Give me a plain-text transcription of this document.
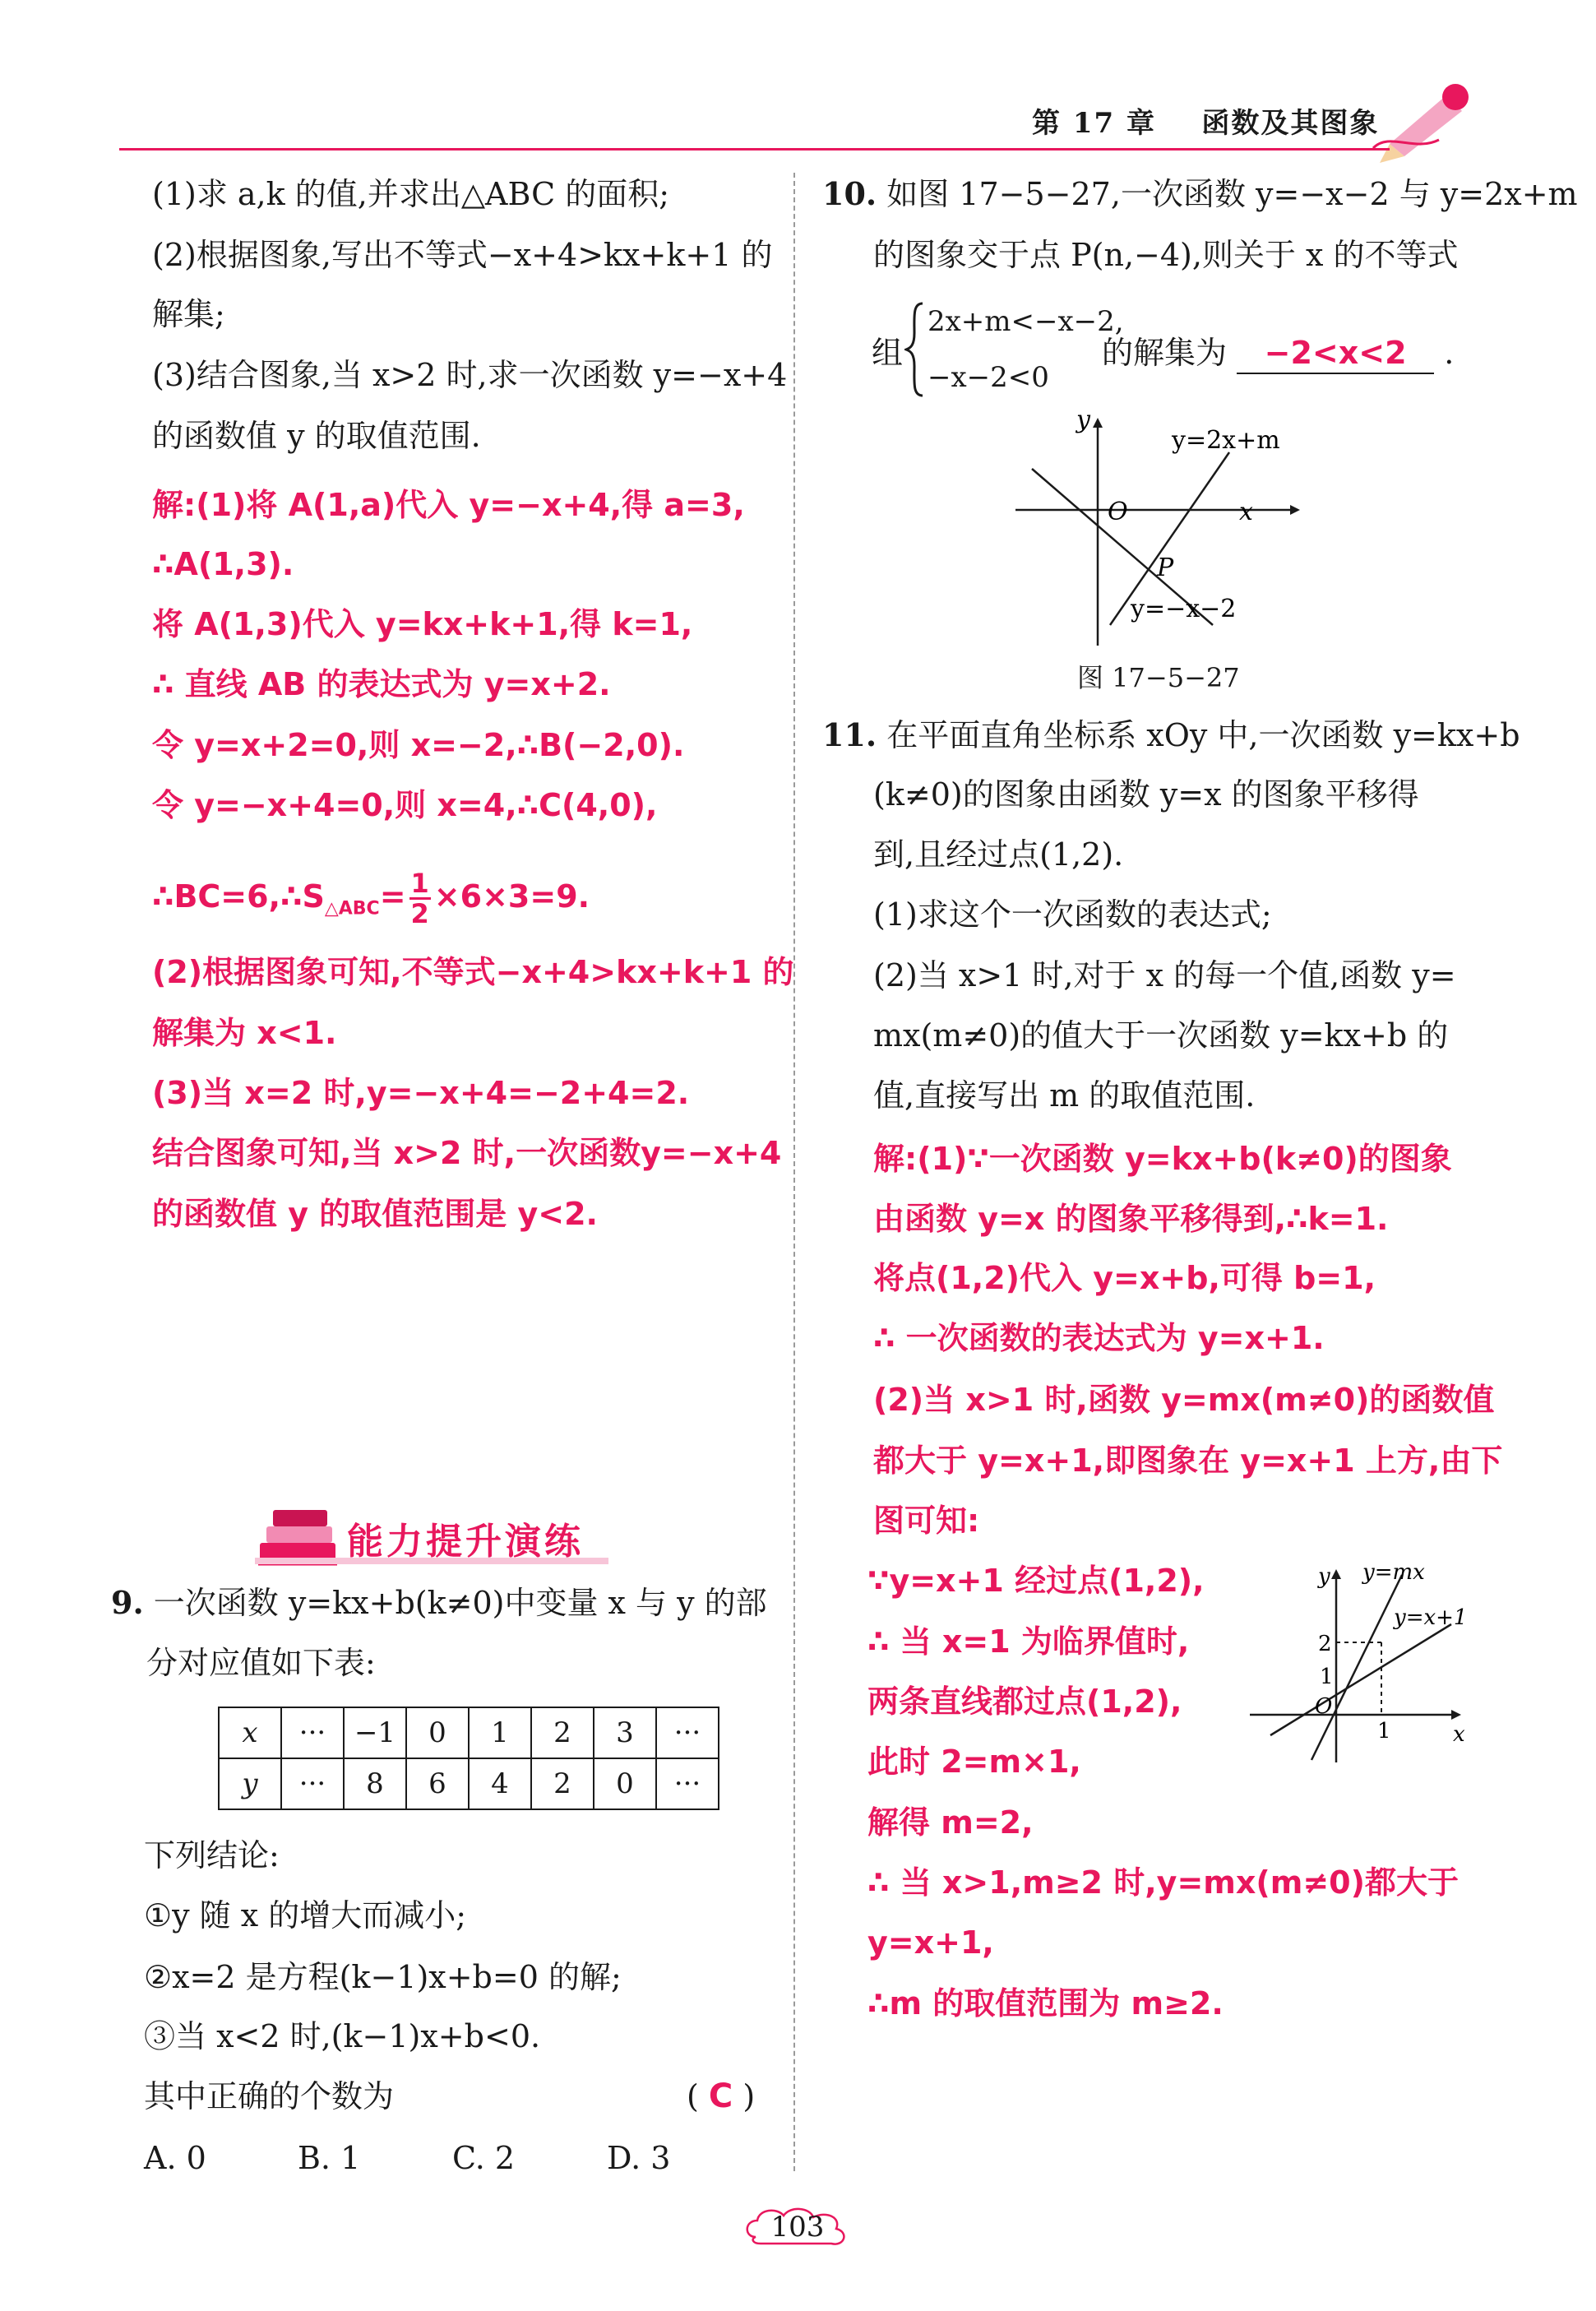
第 17 章 函数及其图象
(1)求 a,k 的值,并求出△ABC 的面积;
(2)根据图象,写出不等式−x+4>kx+k+1 的
解集;
(3)结合图象,当 x>2 时,求一次函数 y=−x+4
的函数值 y 的取值范围.
解:(1)将 A(1,a)代入 y=−x+4,得 a=3,
∴A(1,3).
将 A(1,3)代入 y=kx+k+1,得 k=1,
∴ 直线 AB 的表达式为 y=x+2.
令 y=x+2=0,则 x=−2,∴B(−2,0).
令 y=−x+4=0,则 x=4,∴C(4,0),
$\therefore BC=6,\therefore S_{\triangle ABC}= \frac{1}{2} \times 6\times 3=9$.
(2)根据图象可知,不等式−x+4>kx+k+1 的
解集为 x<1.
(3)当 x=2 时,y=−x+4=−2+4=2.
结合图象可知,当 x>2 时,一次函数y=−x+4
的函数值 y 的取值范围是 y<2.
能力提升演练
9. 一次函数 y=kx+b(k≠0)中变量 x 与 y 的部
分对应值如下表:
x	···	−1	0	1	2	3	···
y	···	8	6	4	2	0	···
下列结论:
①y 随 x 的增大而减小;
②x=2 是方程(k−1)x+b=0 的解;
③当 x<2 时,(k−1)x+b<0.
其中正确的个数为	( C )
A. 0	B. 1	C. 2	D. 3
10. 如图 17−5−27,一次函数 y=−x−2 与 y=2x+m
的图象交于点 P(n,−4),则关于 x 的不等式
组
2x+m<−x−2,
−x−2<0
的解集为 −2<x<2 .
y
x
O
P
y=2x+m
y=−x−2
图 17−5−27
11. 在平面直角坐标系 xOy 中,一次函数 y=kx+b
(k≠0)的图象由函数 y=x 的图象平移得
到,且经过点(1,2).
(1)求这个一次函数的表达式;
(2)当 x>1 时,对于 x 的每一个值,函数 y=
mx(m≠0)的值大于一次函数 y=kx+b 的
值,直接写出 m 的取值范围.
解:(1)∵一次函数 y=kx+b(k≠0)的图象
由函数 y=x 的图象平移得到,∴k=1.
将点(1,2)代入 y=x+b,可得 b=1,
∴ 一次函数的表达式为 y=x+1.
(2)当 x>1 时,函数 y=mx(m≠0)的函数值
都大于 y=x+1,即图象在 y=x+1 上方,由下
图可知:
∵y=x+1 经过点(1,2),
∴ 当 x=1 为临界值时,
两条直线都过点(1,2),
此时 2=m×1,
解得 m=2,
∴ 当 x>1,m≥2 时,y=mx(m≠0)都大于
y=x+1,
∴m 的取值范围为 m≥2.
y
x
O
2
1
1
y=mx
y=x+1
103
